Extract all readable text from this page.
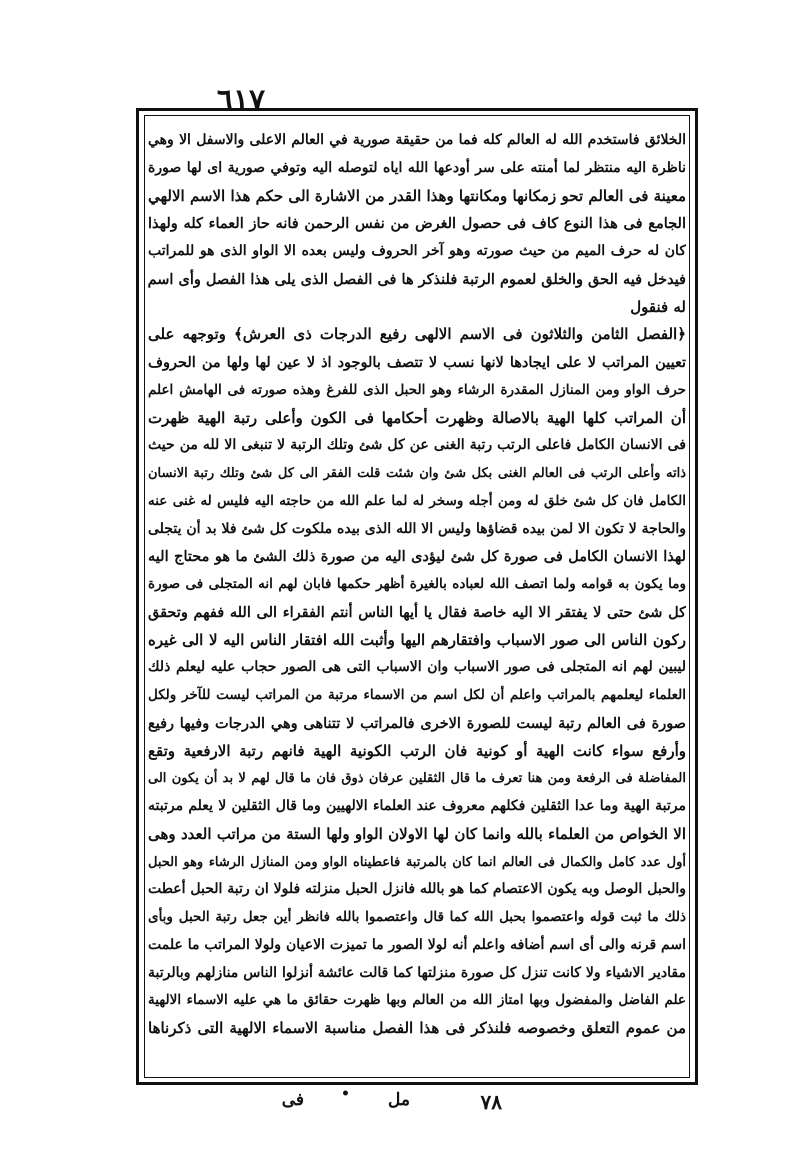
٦١٧
الخلائق فاستخدم الله له العالم كله فما من حقيقة صورية في العالم الاعلى والاسفل الا وهي
ناظرة اليه منتظر لما أمنته على سر أودعها الله اياه لتوصله اليه وتوفي صورية اى لها صورة
معينة فى العالم تحو زمكانها ومكانتها وهذا القدر من الاشارة الى حكم هذا الاسم الالهي
الجامع فى هذا النوع كاف فى حصول الغرض من نفس الرحمن فانه حاز العماء كله ولهذا
كان له حرف الميم من حيث صورته وهو آخر الحروف وليس بعده الا الواو الذى هو للمراتب
فيدخل فيه الحق والخلق لعموم الرتبة فلنذكر ها فى الفصل الذى يلى هذا الفصل وأى اسم
له فنقول
﴿الفصل الثامن والثلاثون فى الاسم الالهى رفيع الدرجات ذى العرش﴾ وتوجهه على
تعيين المراتب لا على ايجادها لانها نسب لا تتصف بالوجود اذ لا عين لها ولها من الحروف
حرف الواو ومن المنازل المقدرة الرشاء وهو الحبل الذى للفرغ وهذه صورته فى الهامش اعلم
أن المراتب كلها الهية بالاصالة وظهرت أحكامها فى الكون وأعلى رتبة الهية ظهرت
فى الانسان الكامل فاعلى الرتب رتبة الغنى عن كل شئ وتلك الرتبة لا تنبغى الا لله من حيث
ذاته وأعلى الرتب فى العالم الغنى بكل شئ وان شئت قلت الفقر الى كل شئ وتلك رتبة الانسان
الكامل فان كل شئ خلق له ومن أجله وسخر له لما علم الله من حاجته اليه فليس له غنى عنه
والحاجة لا تكون الا لمن بيده قضاؤها وليس الا الله الذى بيده ملكوت كل شئ فلا بد أن يتجلى
لهذا الانسان الكامل فى صورة كل شئ ليؤدى اليه من صورة ذلك الشئ ما هو محتاج اليه
وما يكون به قوامه ولما اتصف الله لعباده بالغيرة أظهر حكمها فابان لهم انه المتجلى فى صورة
كل شئ حتى لا يفتقر الا اليه خاصة فقال يا أيها الناس أنتم الفقراء الى الله ففهم وتحقق
ركون الناس الى صور الاسباب وافتقارهم اليها وأثبت الله افتقار الناس اليه لا الى غيره
ليبين لهم انه المتجلى فى صور الاسباب وان الاسباب التى هى الصور حجاب عليه ليعلم ذلك
العلماء ليعلمهم بالمراتب واعلم أن لكل اسم من الاسماء مرتبة من المراتب ليست للآخر ولكل
صورة فى العالم رتبة ليست للصورة الاخرى فالمراتب لا تتناهى وهي الدرجات وفيها رفيع
وأرفع سواء كانت الهية أو كونية فان الرتب الكونية الهية فانهم رتبة الارفعية وتقع
المفاضلة فى الرفعة ومن هنا تعرف ما قال الثقلين عرفان ذوق فان ما قال لهم لا بد أن يكون الى
مرتبة الهية وما عدا الثقلين فكلهم معروف عند العلماء الالهيين وما قال الثقلين لا يعلم مرتبته
الا الخواص من العلماء بالله وانما كان لها الاولان الواو ولها الستة من مراتب العدد وهى
أول عدد كامل والكمال فى العالم انما كان بالمرتبة فاعطيناه الواو ومن المنازل الرشاء وهو الحبل
والحبل الوصل وبه يكون الاعتصام كما هو بالله فانزل الحبل منزلته فلولا ان رتبة الحبل أعطت
ذلك ما ثبت قوله واعتصموا بحبل الله كما قال واعتصموا بالله فانظر أين جعل رتبة الحبل وبأى
اسم قرنه والى أى اسم أضافه واعلم أنه لولا الصور ما تميزت الاعيان ولولا المراتب ما علمت
مقادير الاشياء ولا كانت تنزل كل صورة منزلتها كما قالت عائشة أنزلوا الناس منازلهم وبالرتبة
علم الفاضل والمفضول وبها امتاز الله من العالم وبها ظهرت حقائق ما هي عليه الاسماء الالهية
من عموم التعلق وخصوصه فلنذكر فى هذا الفصل مناسبة الاسماء الالهية التى ذكرناها
٧٨
مل
•
فى
